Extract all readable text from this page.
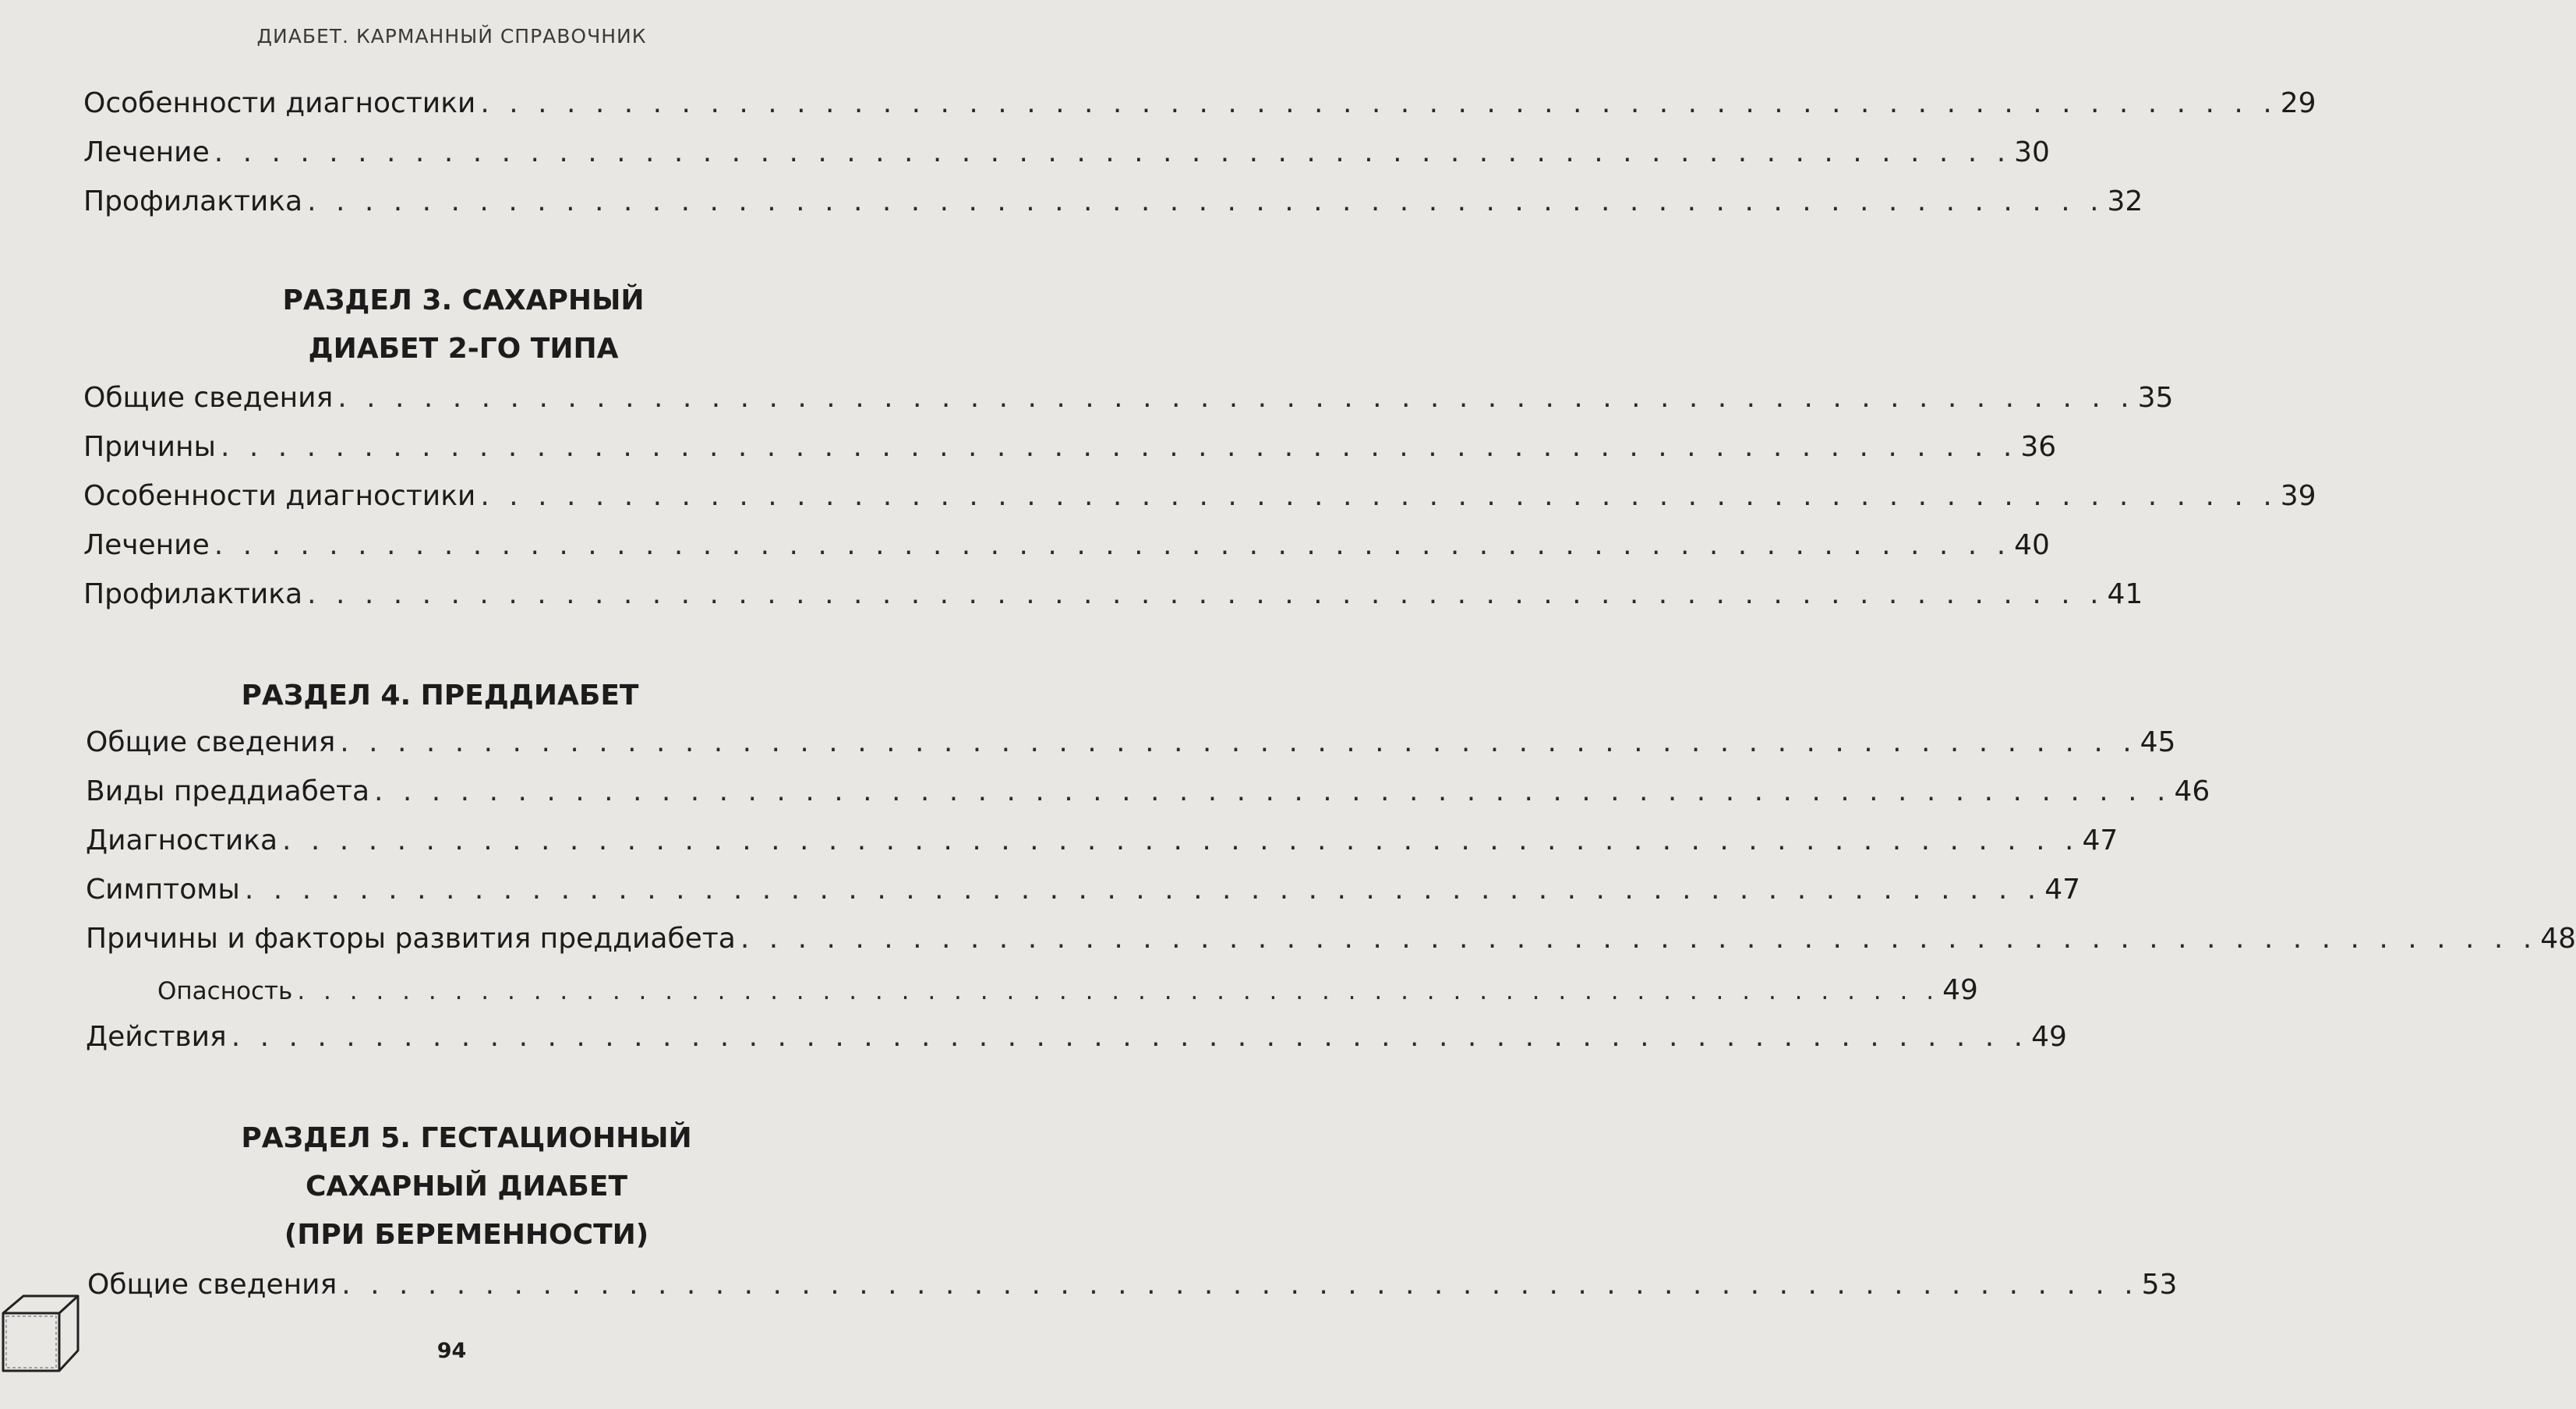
ДИАБЕТ. КАРМАННЫЙ СПРАВОЧНИК
Особенности диагностики . . . . . . . . . . . . . . . . . . . . . . . . . . . . . . . . . . . . . . . . . . . . . . . . . . . . . . . . . . . . . . . 29
Лечение . . . . . . . . . . . . . . . . . . . . . . . . . . . . . . . . . . . . . . . . . . . . . . . . . . . . . . . . . . . . . . . 30
Профилактика . . . . . . . . . . . . . . . . . . . . . . . . . . . . . . . . . . . . . . . . . . . . . . . . . . . . . . . . . . . . . . . 32
РАЗДЕЛ 3. САХАРНЫЙ
ДИАБЕТ 2-ГО ТИПА
Общие сведения . . . . . . . . . . . . . . . . . . . . . . . . . . . . . . . . . . . . . . . . . . . . . . . . . . . . . . . . . . . . . . . 35
Причины . . . . . . . . . . . . . . . . . . . . . . . . . . . . . . . . . . . . . . . . . . . . . . . . . . . . . . . . . . . . . . . 36
Особенности диагностики . . . . . . . . . . . . . . . . . . . . . . . . . . . . . . . . . . . . . . . . . . . . . . . . . . . . . . . . . . . . . . . 39
Лечение . . . . . . . . . . . . . . . . . . . . . . . . . . . . . . . . . . . . . . . . . . . . . . . . . . . . . . . . . . . . . . . 40
Профилактика . . . . . . . . . . . . . . . . . . . . . . . . . . . . . . . . . . . . . . . . . . . . . . . . . . . . . . . . . . . . . . . 41
РАЗДЕЛ 4. ПРЕДДИАБЕТ
Общие сведения . . . . . . . . . . . . . . . . . . . . . . . . . . . . . . . . . . . . . . . . . . . . . . . . . . . . . . . . . . . . . . . 45
Виды преддиабета . . . . . . . . . . . . . . . . . . . . . . . . . . . . . . . . . . . . . . . . . . . . . . . . . . . . . . . . . . . . . . . 46
Диагностика . . . . . . . . . . . . . . . . . . . . . . . . . . . . . . . . . . . . . . . . . . . . . . . . . . . . . . . . . . . . . . . 47
Симптомы . . . . . . . . . . . . . . . . . . . . . . . . . . . . . . . . . . . . . . . . . . . . . . . . . . . . . . . . . . . . . . . 47
Причины и факторы развития преддиабета . . . . . . . . . . . . . . . . . . . . . . . . . . . . . . . . . . . . . . . . . . . . . . . . . . . . . . . . . . . . . . . 48
Опасность . . . . . . . . . . . . . . . . . . . . . . . . . . . . . . . . . . . . . . . . . . . . . . . . . . . . . . . . . . . . . . . 49
Действия . . . . . . . . . . . . . . . . . . . . . . . . . . . . . . . . . . . . . . . . . . . . . . . . . . . . . . . . . . . . . . . 49
РАЗДЕЛ 5. ГЕСТАЦИОННЫЙ
САХАРНЫЙ ДИАБЕТ
(ПРИ БЕРЕМЕННОСТИ)
Общие сведения . . . . . . . . . . . . . . . . . . . . . . . . . . . . . . . . . . . . . . . . . . . . . . . . . . . . . . . . . . . . . . . 53
94
